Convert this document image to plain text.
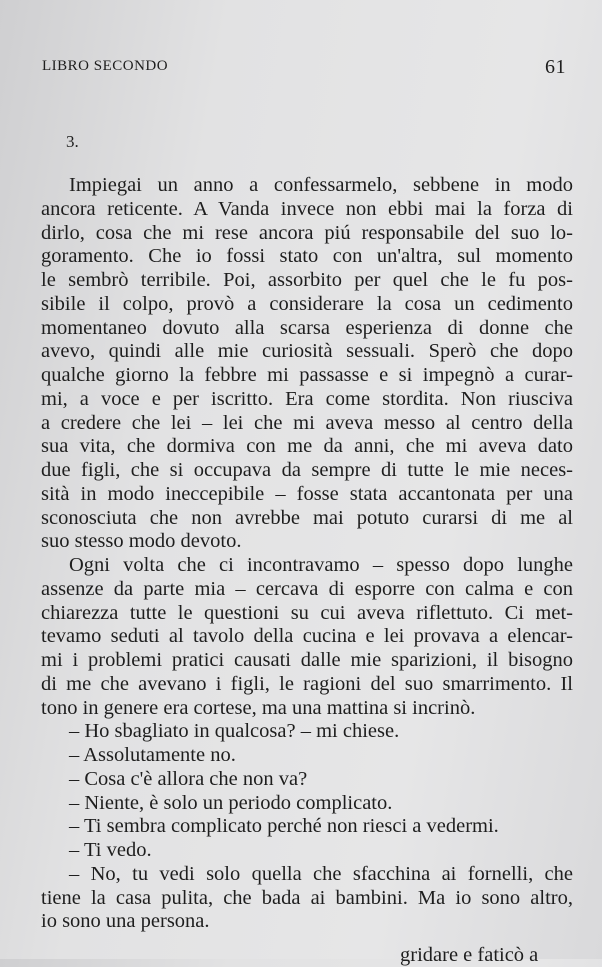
LIBRO SECONDO	61
3.
Impiegai un anno a confessarmelo, sebbene in modo
ancora reticente. A Vanda invece non ebbi mai la forza di
dirlo, cosa che mi rese ancora piú responsabile del suo lo-
goramento. Che io fossi stato con un'altra, sul momento
le sembrò terribile. Poi, assorbito per quel che le fu pos-
sibile il colpo, provò a considerare la cosa un cedimento
momentaneo dovuto alla scarsa esperienza di donne che
avevo, quindi alle mie curiosità sessuali. Sperò che dopo
qualche giorno la febbre mi passasse e si impegnò a curar-
mi, a voce e per iscritto. Era come stordita. Non riusciva
a credere che lei – lei che mi aveva messo al centro della
sua vita, che dormiva con me da anni, che mi aveva dato
due figli, che si occupava da sempre di tutte le mie neces-
sità in modo ineccepibile – fosse stata accantonata per una
sconosciuta che non avrebbe mai potuto curarsi di me al
suo stesso modo devoto.
Ogni volta che ci incontravamo – spesso dopo lunghe
assenze da parte mia – cercava di esporre con calma e con
chiarezza tutte le questioni su cui aveva riflettuto. Ci met-
tevamo seduti al tavolo della cucina e lei provava a elencar-
mi i problemi pratici causati dalle mie sparizioni, il bisogno
di me che avevano i figli, le ragioni del suo smarrimento. Il
tono in genere era cortese, ma una mattina si incrinò.
– Ho sbagliato in qualcosa? – mi chiese.
– Assolutamente no.
– Cosa c'è allora che non va?
– Niente, è solo un periodo complicato.
– Ti sembra complicato perché non riesci a vedermi.
– Ti vedo.
– No, tu vedi solo quella che sfacchina ai fornelli, che
tiene la casa pulita, che bada ai bambini. Ma io sono altro,
io sono una persona.
gridare e faticò a
